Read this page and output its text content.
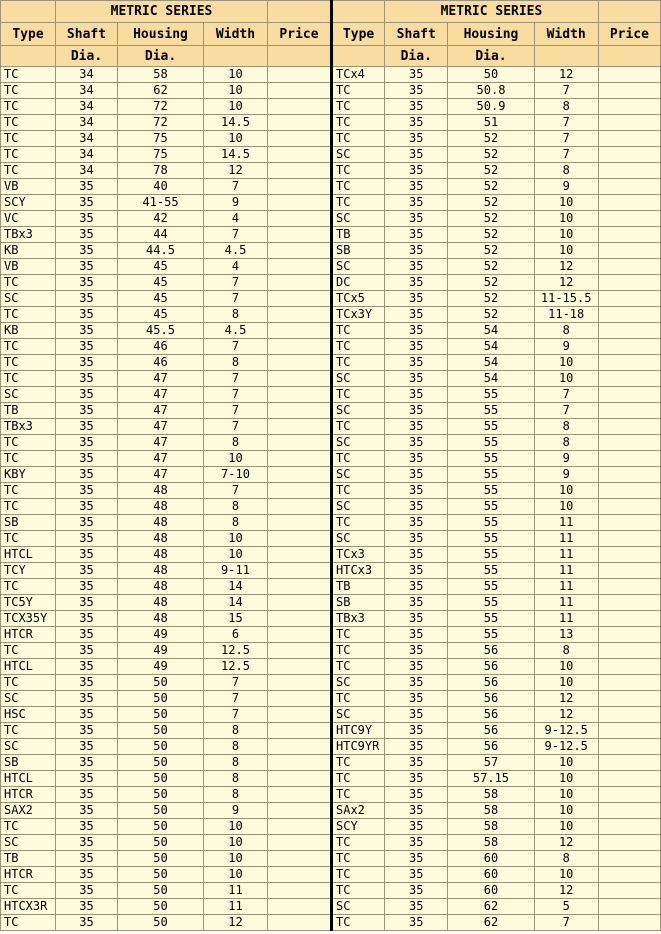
	METRIC SERIES			
Type	Shaft	Housing	Width	Price
	Dia.	Dia.		
TC	34	58	10	
TC	34	62	10	
TC	34	72	10	
TC	34	72	14.5	
TC	34	75	10	
TC	34	75	14.5	
TC	34	78	12	
VB	35	40	7	
SCY	35	41-55	9	
VC	35	42	4	
TBx3	35	44	7	
KB	35	44.5	4.5	
VB	35	45	4	
TC	35	45	7	
SC	35	45	7	
TC	35	45	8	
KB	35	45.5	4.5	
TC	35	46	7	
TC	35	46	8	
TC	35	47	7	
SC	35	47	7	
TB	35	47	7	
TBx3	35	47	7	
TC	35	47	8	
TC	35	47	10	
KBY	35	47	7-10	
TC	35	48	7	
TC	35	48	8	
SB	35	48	8	
TC	35	48	10	
HTCL	35	48	10	
TCY	35	48	9-11	
TC	35	48	14	
TC5Y	35	48	14	
TCX35Y	35	48	15	
HTCR	35	49	6	
TC	35	49	12.5	
HTCL	35	49	12.5	
TC	35	50	7	
SC	35	50	7	
HSC	35	50	7	
TC	35	50	8	
SC	35	50	8	
SB	35	50	8	
HTCL	35	50	8	
HTCR	35	50	8	
SAX2	35	50	9	
TC	35	50	10	
SC	35	50	10	
TB	35	50	10	
HTCR	35	50	10	
TC	35	50	11	
HTCX3R	35	50	11	
TC	35	50	12	
	METRIC SERIES			
Type	Shaft	Housing	Width	Price
	Dia.	Dia.		
TCx4	35	50	12	
TC	35	50.8	7	
TC	35	50.9	8	
TC	35	51	7	
TC	35	52	7	
SC	35	52	7	
TC	35	52	8	
TC	35	52	9	
TC	35	52	10	
SC	35	52	10	
TB	35	52	10	
SB	35	52	10	
SC	35	52	12	
DC	35	52	12	
TCx5	35	52	11-15.5	
TCx3Y	35	52	11-18	
TC	35	54	8	
TC	35	54	9	
TC	35	54	10	
SC	35	54	10	
TC	35	55	7	
SC	35	55	7	
TC	35	55	8	
SC	35	55	8	
TC	35	55	9	
SC	35	55	9	
TC	35	55	10	
SC	35	55	10	
TC	35	55	11	
SC	35	55	11	
TCx3	35	55	11	
HTCx3	35	55	11	
TB	35	55	11	
SB	35	55	11	
TBx3	35	55	11	
TC	35	55	13	
TC	35	56	8	
TC	35	56	10	
SC	35	56	10	
TC	35	56	12	
SC	35	56	12	
HTC9Y	35	56	9-12.5	
HTC9YR	35	56	9-12.5	
TC	35	57	10	
TC	35	57.15	10	
TC	35	58	10	
SAx2	35	58	10	
SCY	35	58	10	
TC	35	58	12	
TC	35	60	8	
TC	35	60	10	
TC	35	60	12	
SC	35	62	5	
TC	35	62	7	
